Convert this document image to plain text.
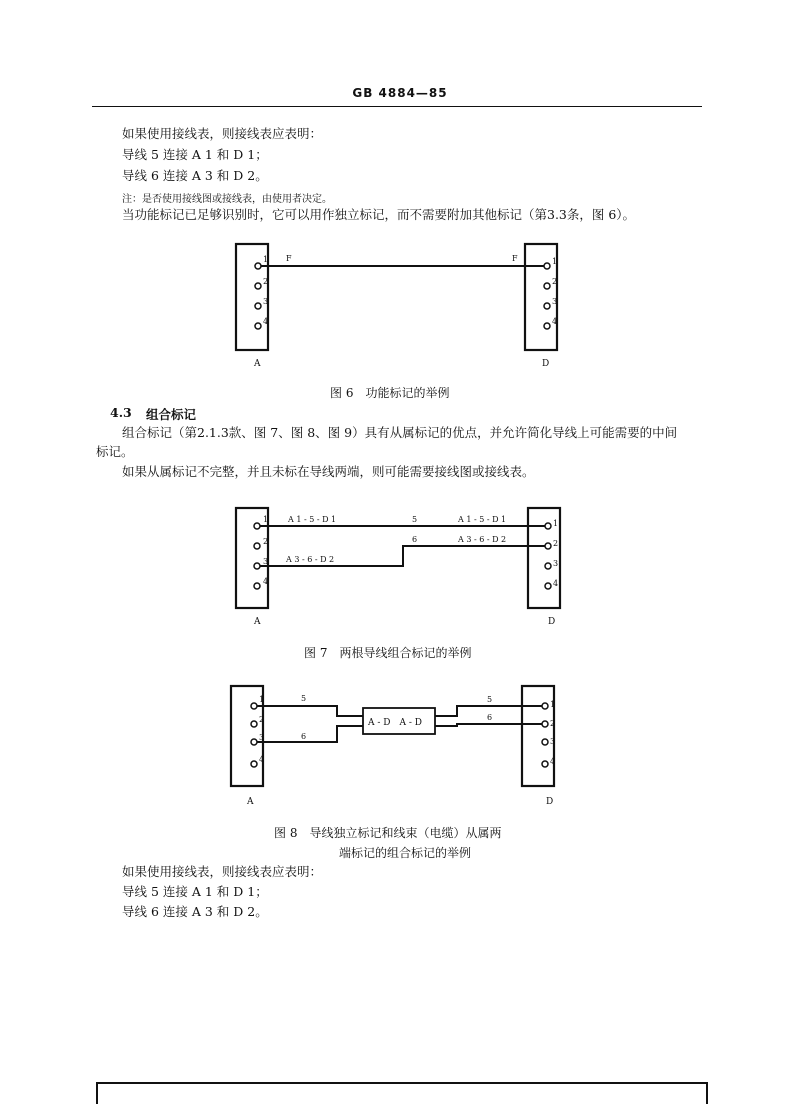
GB 4884—85
如果使用接线表，则接线表应表明：
导线 5 连接 A 1 和 D 1；
导线 6 连接 A 3 和 D 2。
注：是否使用接线图或接线表，由使用者决定。
当功能标记已足够识别时，它可以用作独立标记，而不需要附加其他标记（第3.3条，图 6）。
1
2
3
4
1
2
3
4
F	F
A	D
图 6　功能标记的举例
4.3 组合标记
组合标记（第2.1.3款、图 7、图 8、图 9）具有从属标记的优点，并允许简化导线上可能需要的中间
标记。
如果从属标记不完整，并且未标在导线两端，则可能需要接线图或接线表。
1
2
3
4
1
2
3
4
A 1 - 5 - D 1	5	A 1 - 5 - D 1
6	A 3 - 6 - D 2
A 3 - 6 - D 2
A	D
图 7　两根导线组合标记的举例
1
2
3
4
1
2
3
4
A - D　A - D
5
6
5
6
A	D
图 8　导线独立标记和线束（电缆）从属两
端标记的组合标记的举例
如果使用接线表，则接线表应表明：
导线 5 连接 A 1 和 D 1；
导线 6 连接 A 3 和 D 2。
